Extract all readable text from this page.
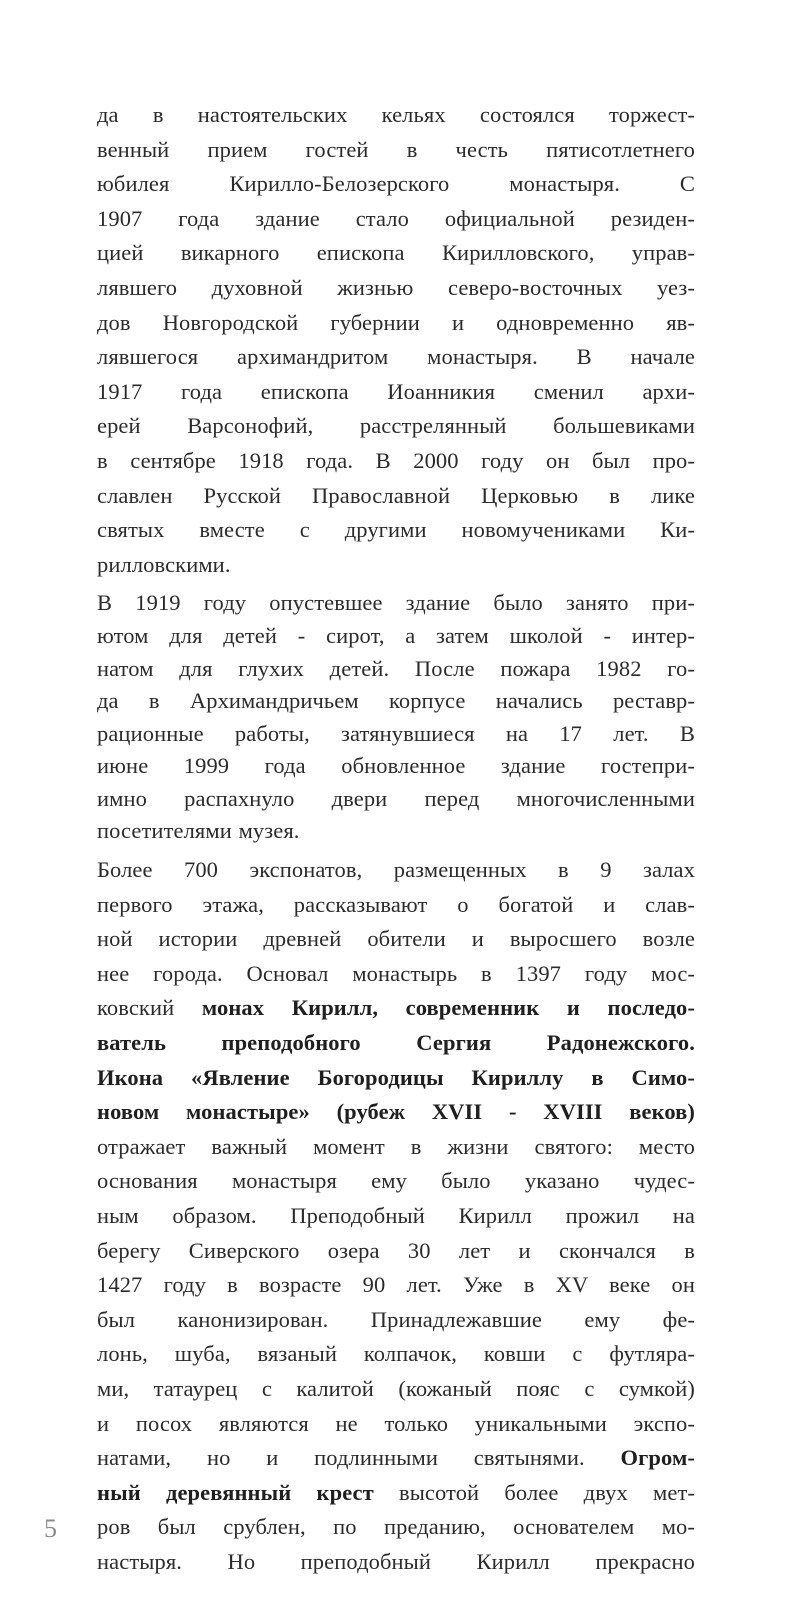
да в настоятельских кельях состоялся торжест-
венный прием гостей в честь пятисотлетнего
юбилея Кирилло-Белозерского монастыря. С
1907 года здание стало официальной резиден-
цией викарного епископа Кирилловского, управ-
лявшего духовной жизнью северо-восточных уез-
дов Новгородской губернии и одновременно яв-
лявшегося архимандритом монастыря. В начале
1917 года епископа Иоанникия сменил архи-
ерей Варсонофий, расстрелянный большевиками
в сентябре 1918 года. В 2000 году он был про-
славлен Русской Православной Церковью в лике
святых вместе с другими новомучениками Ки-
рилловскими.

В 1919 году опустевшее здание было занято при-
ютом для детей - сирот, а затем школой - интер-
натом для глухих детей. После пожара 1982 го-
да в Архимандричьем корпусе начались реставр-
рационные работы, затянувшиеся на 17 лет. В
июне 1999 года обновленное здание гостепри-
имно распахнуло двери перед многочисленными
посетителями музея.

Более 700 экспонатов, размещенных в 9 залах
первого этажа, рассказывают о богатой и слав-
ной истории древней обители и выросшего возле
нее города. Основал монастырь в 1397 году мос-
ковский монах Кирилл, современник и последо-
ватель преподобного Сергия Радонежского.
Икона «Явление Богородицы Кириллу в Симо-
новом монастыре» (рубеж XVII - XVIII веков)
отражает важный момент в жизни святого: место
основания монастыря ему было указано чудес-
ным образом. Преподобный Кирилл прожил на
берегу Сиверского озера 30 лет и скончался в
1427 году в возрасте 90 лет. Уже в XV веке он
был канонизирован. Принадлежавшие ему фе-
лонь, шуба, вязаный колпачок, ковши с футляра-
ми, татаурец с калитой (кожаный пояс с сумкой)
и посох являются не только уникальными экспо-
натами, но и подлинными святынями. Огром-
ный деревянный крест высотой более двух мет-
ров был срублен, по преданию, основателем мо-
настыря. Но преподобный Кирилл прекрасно

5
